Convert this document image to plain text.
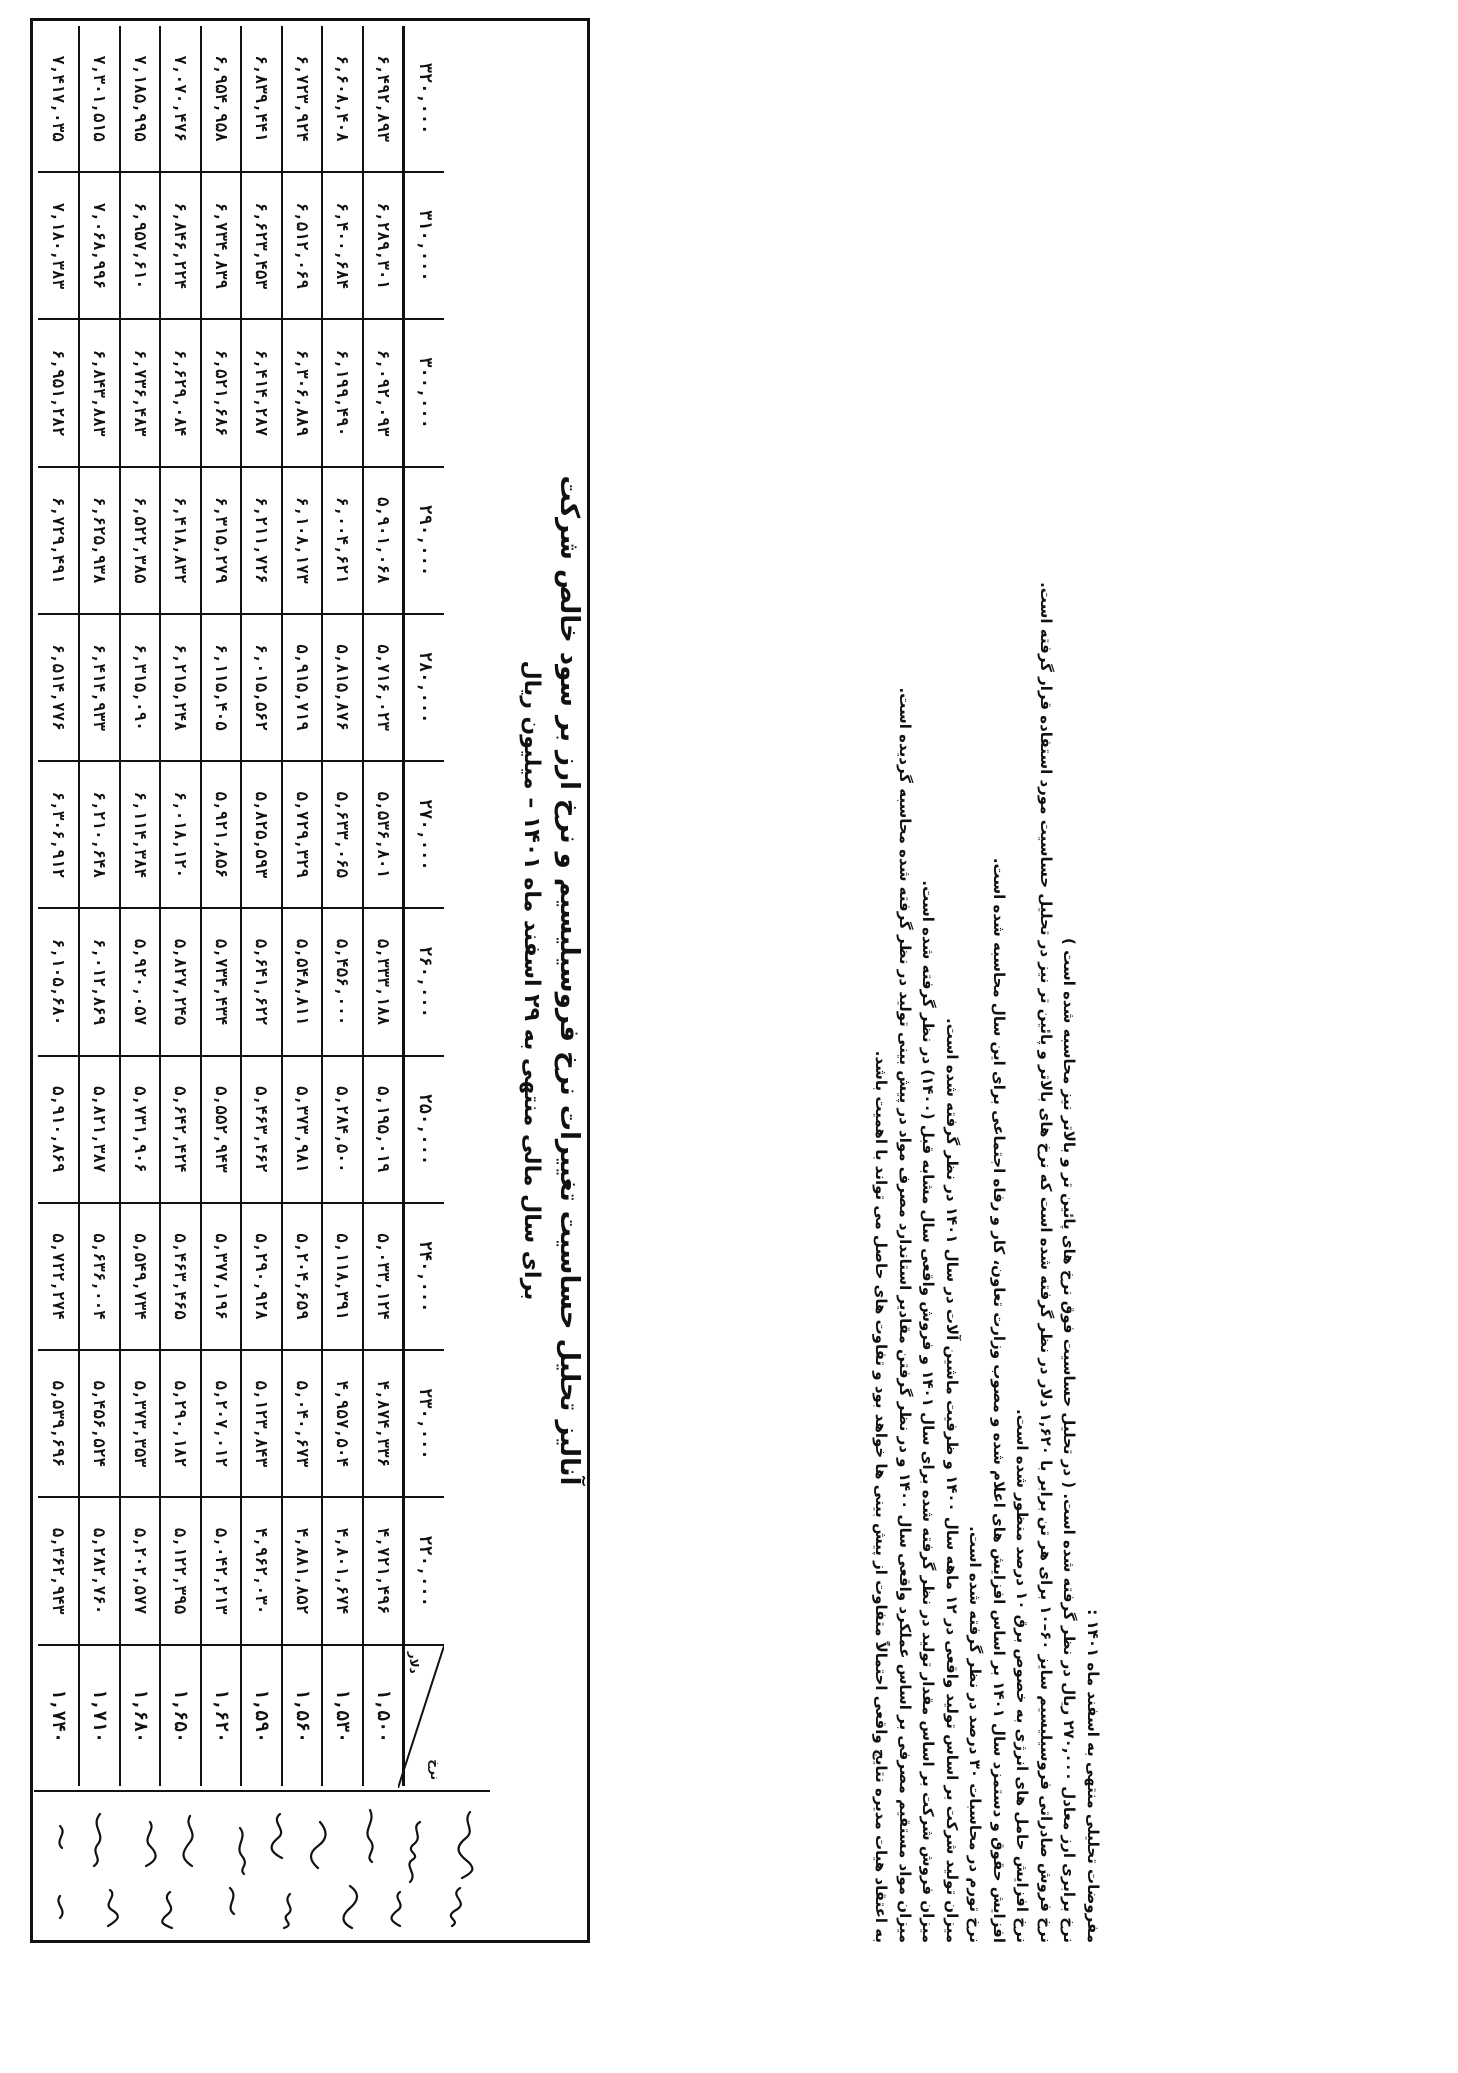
مفروضات تحلیلی منتهی به اسفند ماه ۱۴۰۱ :
نرخ برابری ارز معادل ۲۷۰,۰۰۰ ریال در نظر گرفته شده است. ( در تحلیل حساسیت فوق نرخ های پائین تر و بالاتر نیز محاسبه شده است )
نرخ فروش صادراتی فروسیلیسیم سایز ۶۰–۱۰ برای هر تن برابر با ۱,۶۲۰ دلار در نظر گرفته شده است که نرخ های بالاتر و پائین تر نیز در تحلیل حساسیت مورد استفاده قرار گرفته است.
نرخ افزایش حامل های انرژی به خصوص برق ۱۰ درصد منظور شده است.
افزایش حقوق و دستمزد سال ۱۴۰۱ بر اساس افزایش های اعلام شده و مصوب وزارت تعاون، کار و رفاه اجتماعی برای این سال محاسبه شده است.
نرخ تورم در محاسبات ۳۰ درصد در نظر گرفته شده است.
میزان تولید شرکت بر اساس تولید واقعی در ۱۲ ماهه سال ۱۴۰۰ و ظرفیت ماشین آلات در سال ۱۴۰۱ در نظر گرفته شده است.
میزان فروش شرکت بر اساس مقدار تولید در نظر گرفته شده برای سال ۱۴۰۱ و فروش واقعی سال مشابه قبل (۱۴۰۰) در نظر گرفته شده است.
میزان مواد مستقیم مصرفی بر اساس عملکرد واقعی سال ۱۴۰۰ و در نظر گرفتن مقادیر استاندارد مصرف مواد در پیش بینی تولید در نظر گرفته شده محاسبه گردیده است.
به اعتقاد هیات مدیره نتایج واقعی احتمالاً متفاوت از پیش بینی ها خواهد بود و تفاوت های حاصل می تواند با اهمیت باشد.
آنالیز تحلیل حساسیت تغییرات نرخ فروسیلیسیم و نرخ ارز بر سود خالص شرکت
برای سال مالی منتهی به ۲۹ اسفند ماه ۱۴۰۱ – میلیون ریال
نرخ
دلار
۱,۵۰۰
۱,۵۳۰
۱,۵۶۰
۱,۵۹۰
۱,۶۲۰
۱,۶۵۰
۱,۶۸۰
۱,۷۱۰
۱,۷۴۰
۲۲۰,۰۰۰
۴,۷۲۱,۴۹۶
۴,۸۰۱,۶۷۴
۴,۸۸۱,۸۵۲
۴,۹۶۲,۰۳۰
۵,۰۴۲,۲۱۳
۵,۱۲۲,۳۹۵
۵,۲۰۲,۵۷۷
۵,۲۸۲,۷۶۰
۵,۳۶۲,۹۴۳
۲۳۰,۰۰۰
۴,۸۷۴,۳۳۶
۴,۹۵۷,۵۰۴
۵,۰۴۰,۶۷۳
۵,۱۲۳,۸۴۳
۵,۲۰۷,۰۱۲
۵,۲۹۰,۱۸۲
۵,۳۷۳,۳۵۳
۵,۴۵۶,۵۲۴
۵,۵۳۹,۶۹۶
۲۴۰,۰۰۰
۵,۰۳۳,۱۲۴
۵,۱۱۸,۳۹۱
۵,۲۰۴,۶۵۹
۵,۲۹۰,۹۲۸
۵,۳۷۷,۱۹۶
۵,۴۶۳,۴۶۵
۵,۵۴۹,۷۳۴
۵,۶۳۶,۰۰۴
۵,۷۲۲,۲۷۴
۲۵۰,۰۰۰
۵,۱۹۵,۰۱۹
۵,۲۸۴,۵۰۰
۵,۳۷۳,۹۸۱
۵,۴۶۳,۴۶۲
۵,۵۵۲,۹۴۳
۵,۶۴۲,۴۲۴
۵,۷۳۱,۹۰۶
۵,۸۲۱,۳۸۷
۵,۹۱۰,۸۶۹
۲۶۰,۰۰۰
۵,۳۳۳,۱۸۸
۵,۴۵۶,۰۰۰
۵,۵۴۸,۸۱۱
۵,۶۴۱,۶۲۲
۵,۷۳۴,۴۳۴
۵,۸۲۷,۲۴۵
۵,۹۲۰,۰۵۷
۶,۰۱۲,۸۶۹
۶,۱۰۵,۶۸۰
۲۷۰,۰۰۰
۵,۵۳۶,۸۰۱
۵,۶۳۳,۰۶۵
۵,۷۲۹,۳۲۹
۵,۸۲۵,۵۹۳
۵,۹۲۱,۸۵۶
۶,۰۱۸,۱۲۰
۶,۱۱۴,۳۸۴
۶,۲۱۰,۶۴۸
۶,۳۰۶,۹۱۲
۲۸۰,۰۰۰
۵,۷۱۶,۰۲۳
۵,۸۱۵,۸۷۶
۵,۹۱۵,۷۱۹
۶,۰۱۵,۵۶۲
۶,۱۱۵,۴۰۵
۶,۲۱۵,۲۴۸
۶,۳۱۵,۰۹۰
۶,۴۱۴,۹۳۳
۶,۵۱۴,۷۷۶
۲۹۰,۰۰۰
۵,۹۰۱,۰۶۸
۶,۰۰۴,۶۲۱
۶,۱۰۸,۱۷۳
۶,۲۱۱,۷۲۶
۶,۳۱۵,۲۷۹
۶,۴۱۸,۸۳۲
۶,۵۲۲,۳۸۵
۶,۶۲۵,۹۳۸
۶,۷۲۹,۴۹۱
۳۰۰,۰۰۰
۶,۰۹۲,۰۹۳
۶,۱۹۹,۴۹۰
۶,۳۰۶,۸۸۹
۶,۴۱۴,۲۸۷
۶,۵۲۱,۶۸۶
۶,۶۲۹,۰۸۴
۶,۷۳۶,۴۸۳
۶,۸۴۳,۸۸۳
۶,۹۵۱,۲۸۲
۳۱۰,۰۰۰
۶,۲۸۹,۳۰۱
۶,۴۰۰,۶۸۴
۶,۵۱۲,۰۶۹
۶,۶۲۳,۴۵۳
۶,۷۳۴,۸۳۹
۶,۸۴۶,۲۲۴
۶,۹۵۷,۶۱۰
۷,۰۶۸,۹۹۶
۷,۱۸۰,۳۸۳
۳۲۰,۰۰۰
۶,۴۹۲,۸۹۳
۶,۶۰۸,۴۰۸
۶,۷۲۳,۹۲۴
۶,۸۳۹,۴۴۱
۶,۹۵۴,۹۵۸
۷,۰۷۰,۴۷۶
۷,۱۸۵,۹۹۵
۷,۳۰۱,۵۱۵
۷,۴۱۷,۰۳۵
